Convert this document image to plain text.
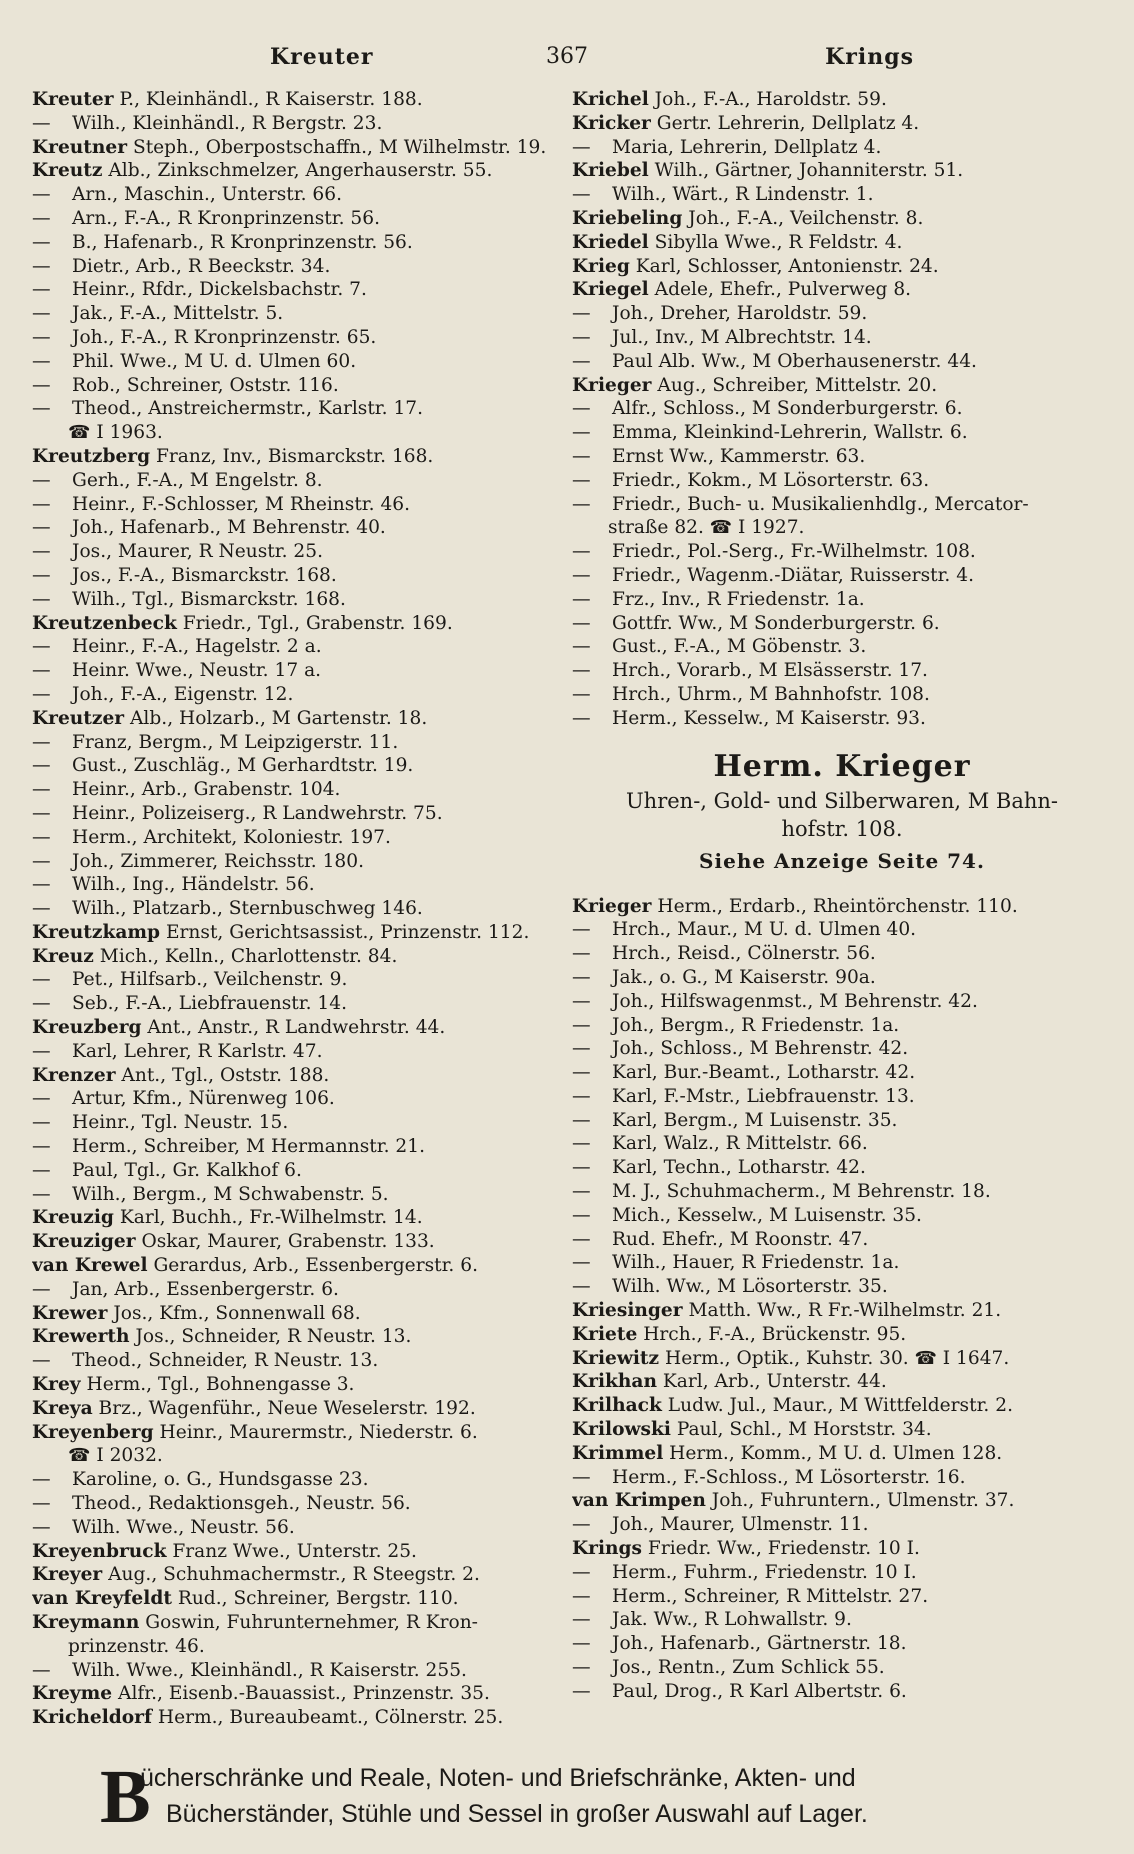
Kreuter	367	Krings
Kreuter P., Kleinhändl., R Kaiserstr. 188.
— Wilh., Kleinhändl., R Bergstr. 23.
Kreutner Steph., Oberpostschaffn., M Wilhelmstr. 19.
Kreutz Alb., Zinkschmelzer, Angerhauserstr. 55.
— Arn., Maschin., Unterstr. 66.
— Arn., F.-A., R Kronprinzenstr. 56.
— B., Hafenarb., R Kronprinzenstr. 56.
— Dietr., Arb., R Beeckstr. 34.
— Heinr., Rfdr., Dickelsbachstr. 7.
— Jak., F.-A., Mittelstr. 5.
— Joh., F.-A., R Kronprinzenstr. 65.
— Phil. Wwe., M U. d. Ulmen 60.
— Rob., Schreiner, Oststr. 116.
— Theod., Anstreichermstr., Karlstr. 17.
☎ I 1963.
Kreutzberg Franz, Inv., Bismarckstr. 168.
— Gerh., F.-A., M Engelstr. 8.
— Heinr., F.-Schlosser, M Rheinstr. 46.
— Joh., Hafenarb., M Behrenstr. 40.
— Jos., Maurer, R Neustr. 25.
— Jos., F.-A., Bismarckstr. 168.
— Wilh., Tgl., Bismarckstr. 168.
Kreutzenbeck Friedr., Tgl., Grabenstr. 169.
— Heinr., F.-A., Hagelstr. 2 a.
— Heinr. Wwe., Neustr. 17 a.
— Joh., F.-A., Eigenstr. 12.
Kreutzer Alb., Holzarb., M Gartenstr. 18.
— Franz, Bergm., M Leipzigerstr. 11.
— Gust., Zuschläg., M Gerhardtstr. 19.
— Heinr., Arb., Grabenstr. 104.
— Heinr., Polizeiserg., R Landwehrstr. 75.
— Herm., Architekt, Koloniestr. 197.
— Joh., Zimmerer, Reichsstr. 180.
— Wilh., Ing., Händelstr. 56.
— Wilh., Platzarb., Sternbuschweg 146.
Kreutzkamp Ernst, Gerichtsassist., Prinzenstr. 112.
Kreuz Mich., Kelln., Charlottenstr. 84.
— Pet., Hilfsarb., Veilchenstr. 9.
— Seb., F.-A., Liebfrauenstr. 14.
Kreuzberg Ant., Anstr., R Landwehrstr. 44.
— Karl, Lehrer, R Karlstr. 47.
Krenzer Ant., Tgl., Oststr. 188.
— Artur, Kfm., Nürenweg 106.
— Heinr., Tgl. Neustr. 15.
— Herm., Schreiber, M Hermannstr. 21.
— Paul, Tgl., Gr. Kalkhof 6.
— Wilh., Bergm., M Schwabenstr. 5.
Kreuzig Karl, Buchh., Fr.-Wilhelmstr. 14.
Kreuziger Oskar, Maurer, Grabenstr. 133.
van Krewel Gerardus, Arb., Essenbergerstr. 6.
— Jan, Arb., Essenbergerstr. 6.
Krewer Jos., Kfm., Sonnenwall 68.
Krewerth Jos., Schneider, R Neustr. 13.
— Theod., Schneider, R Neustr. 13.
Krey Herm., Tgl., Bohnengasse 3.
Kreya Brz., Wagenführ., Neue Weselerstr. 192.
Kreyenberg Heinr., Maurermstr., Niederstr. 6.
☎ I 2032.
— Karoline, o. G., Hundsgasse 23.
— Theod., Redaktionsgeh., Neustr. 56.
— Wilh. Wwe., Neustr. 56.
Kreyenbruck Franz Wwe., Unterstr. 25.
Kreyer Aug., Schuhmachermstr., R Steegstr. 2.
van Kreyfeldt Rud., Schreiner, Bergstr. 110.
Kreymann Goswin, Fuhrunternehmer, R Kron-
prinzenstr. 46.
— Wilh. Wwe., Kleinhändl., R Kaiserstr. 255.
Kreyme Alfr., Eisenb.-Bauassist., Prinzenstr. 35.
Kricheldorf Herm., Bureaubeamt., Cölnerstr. 25.
Krichel Joh., F.-A., Haroldstr. 59.
Kricker Gertr. Lehrerin, Dellplatz 4.
— Maria, Lehrerin, Dellplatz 4.
Kriebel Wilh., Gärtner, Johanniterstr. 51.
— Wilh., Wärt., R Lindenstr. 1.
Kriebeling Joh., F.-A., Veilchenstr. 8.
Kriedel Sibylla Wwe., R Feldstr. 4.
Krieg Karl, Schlosser, Antonienstr. 24.
Kriegel Adele, Ehefr., Pulverweg 8.
— Joh., Dreher, Haroldstr. 59.
— Jul., Inv., M Albrechtstr. 14.
— Paul Alb. Ww., M Oberhausenerstr. 44.
Krieger Aug., Schreiber, Mittelstr. 20.
— Alfr., Schloss., M Sonderburgerstr. 6.
— Emma, Kleinkind-Lehrerin, Wallstr. 6.
— Ernst Ww., Kammerstr. 63.
— Friedr., Kokm., M Lösorterstr. 63.
— Friedr., Buch- u. Musikalienhdlg., Mercator-
straße 82. ☎ I 1927.
— Friedr., Pol.-Serg., Fr.-Wilhelmstr. 108.
— Friedr., Wagenm.-Diätar, Ruisserstr. 4.
— Frz., Inv., R Friedenstr. 1a.
— Gottfr. Ww., M Sonderburgerstr. 6.
— Gust., F.-A., M Göbenstr. 3.
— Hrch., Vorarb., M Elsässerstr. 17.
— Hrch., Uhrm., M Bahnhofstr. 108.
— Herm., Kesselw., M Kaiserstr. 93.
Herm. Krieger
Uhren-, Gold- und Silberwaren, M Bahn-
hofstr. 108.
Siehe Anzeige Seite 74.
Krieger Herm., Erdarb., Rheintörchenstr. 110.
— Hrch., Maur., M U. d. Ulmen 40.
— Hrch., Reisd., Cölnerstr. 56.
— Jak., o. G., M Kaiserstr. 90a.
— Joh., Hilfswagenmst., M Behrenstr. 42.
— Joh., Bergm., R Friedenstr. 1a.
— Joh., Schloss., M Behrenstr. 42.
— Karl, Bur.-Beamt., Lotharstr. 42.
— Karl, F.-Mstr., Liebfrauenstr. 13.
— Karl, Bergm., M Luisenstr. 35.
— Karl, Walz., R Mittelstr. 66.
— Karl, Techn., Lotharstr. 42.
— M. J., Schuhmacherm., M Behrenstr. 18.
— Mich., Kesselw., M Luisenstr. 35.
— Rud. Ehefr., M Roonstr. 47.
— Wilh., Hauer, R Friedenstr. 1a.
— Wilh. Ww., M Lösorterstr. 35.
Kriesinger Matth. Ww., R Fr.-Wilhelmstr. 21.
Kriete Hrch., F.-A., Brückenstr. 95.
Kriewitz Herm., Optik., Kuhstr. 30. ☎ I 1647.
Krikhan Karl, Arb., Unterstr. 44.
Krilhack Ludw. Jul., Maur., M Wittfelderstr. 2.
Krilowski Paul, Schl., M Horststr. 34.
Krimmel Herm., Komm., M U. d. Ulmen 128.
— Herm., F.-Schloss., M Lösorterstr. 16.
van Krimpen Joh., Fuhruntern., Ulmenstr. 37.
— Joh., Maurer, Ulmenstr. 11.
Krings Friedr. Ww., Friedenstr. 10 I.
— Herm., Fuhrm., Friedenstr. 10 I.
— Herm., Schreiner, R Mittelstr. 27.
— Jak. Ww., R Lohwallstr. 9.
— Joh., Hafenarb., Gärtnerstr. 18.
— Jos., Rentn., Zum Schlick 55.
— Paul, Drog., R Karl Albertstr. 6.
B
ücherschränke und Reale, Noten- und Briefschränke, Akten- und
Bücherständer, Stühle und Sessel in großer Auswahl auf Lager.
